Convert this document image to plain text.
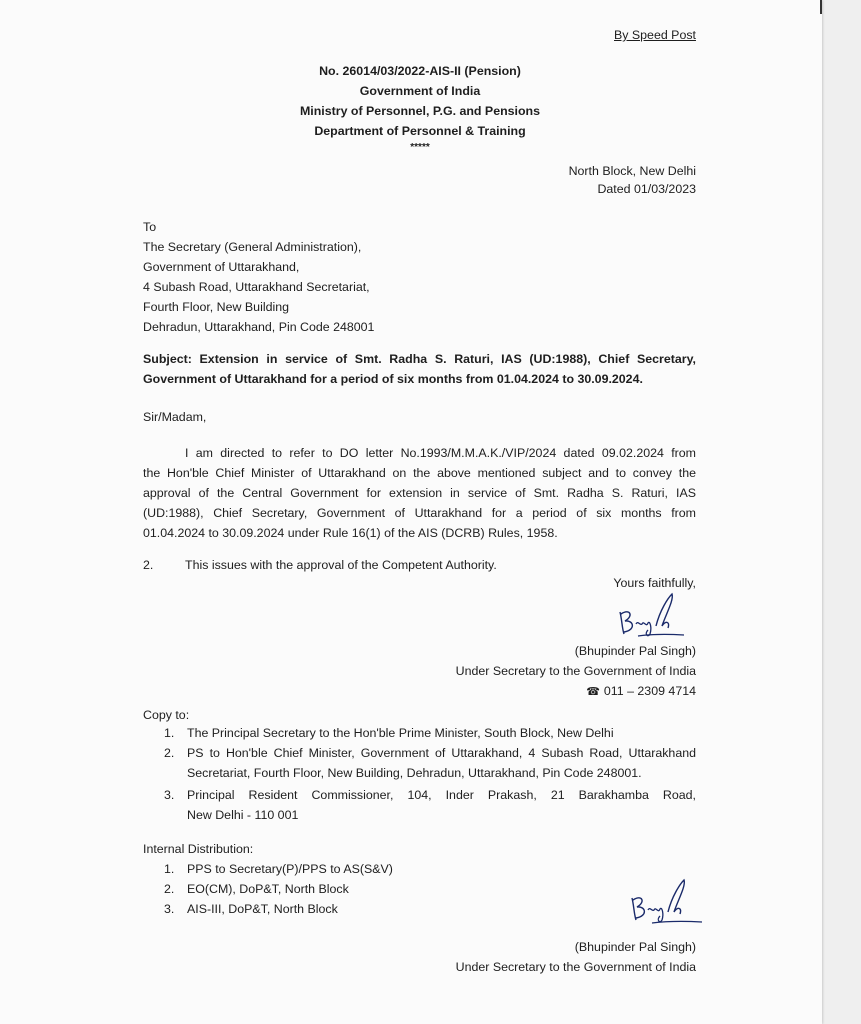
By Speed Post
No. 26014/03/2022-AIS-II (Pension)
Government of India
Ministry of Personnel, P.G. and Pensions
Department of Personnel & Training
*****
North Block, New Delhi
Dated 01/03/2023
To
The Secretary (General Administration),
Government of Uttarakhand,
4 Subash Road, Uttarakhand Secretariat,
Fourth Floor, New Building
Dehradun, Uttarakhand, Pin Code 248001
Subject: Extension in service of Smt. Radha S. Raturi, IAS (UD:1988), Chief Secretary,
Government of Uttarakhand for a period of six months from 01.04.2024 to 30.09.2024.
Sir/Madam,
I am directed to refer to DO letter No.1993/M.M.A.K./VIP/2024 dated 09.02.2024 from
the Hon'ble Chief Minister of Uttarakhand on the above mentioned subject and to convey the
approval of the Central Government for extension in service of Smt. Radha S. Raturi, IAS
(UD:1988), Chief Secretary, Government of Uttarakhand for a period of six months from
01.04.2024 to 30.09.2024 under Rule 16(1) of the AIS (DCRB) Rules, 1958.
2.	This issues with the approval of the Competent Authority.
Yours faithfully,
(Bhupinder Pal Singh)
Under Secretary to the Government of India
☎ 011 – 2309 4714
Copy to:
1. The Principal Secretary to the Hon'ble Prime Minister, South Block, New Delhi
2. PS to Hon'ble Chief Minister, Government of Uttarakhand, 4 Subash Road, Uttarakhand
Secretariat, Fourth Floor, New Building, Dehradun, Uttarakhand, Pin Code 248001.
3. Principal Resident Commissioner, 104, Inder Prakash, 21 Barakhamba Road,
New Delhi - 110 001
Internal Distribution:
1. PPS to Secretary(P)/PPS to AS(S&V)
2. EO(CM), DoP&T, North Block
3. AIS-III, DoP&T, North Block
(Bhupinder Pal Singh)
Under Secretary to the Government of India
